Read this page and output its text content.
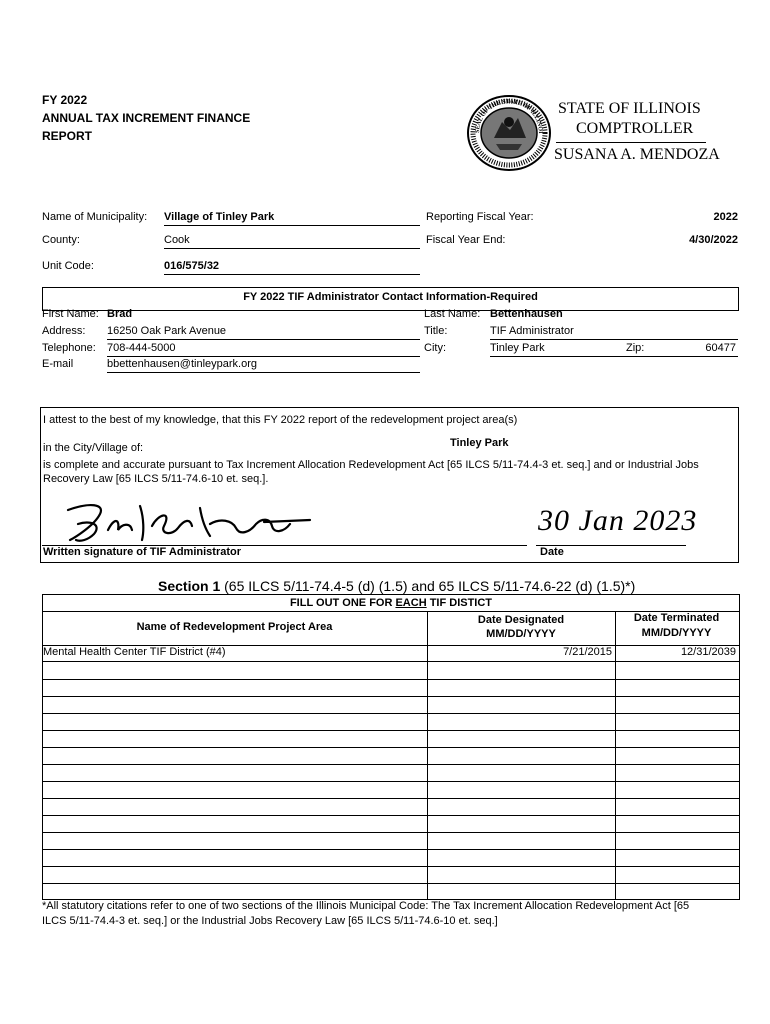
FY 2022
ANNUAL TAX INCREMENT FINANCE
REPORT	SEAL OF THE STATE OF ILLINOI
STATE OF ILLINOIS
COMPTROLLER
SUSANA A. MENDOZA
Name of Municipality: Village of Tinley Park	Reporting Fiscal Year:	2022
County:	Cook	Fiscal Year End:	4/30/2022
Unit Code:	016/575/32
FY 2022 TIF Administrator Contact Information-Required
First Name: Brad	Last Name: Bettenhausen
Address: 16250 Oak Park Avenue	Title:	TIF Administrator
Telephone: 708-444-5000	City:	Tinley Park	Zip:	60477
E-mail	bbettenhausen@tinleypark.org
I attest to the best of my knowledge, that this FY 2022 report of the redevelopment project area(s)
in the City/Village of:	Tinley Park
is complete and accurate pursuant to Tax Increment Allocation Redevelopment Act [65 ILCS 5/11-74.4-3 et. seq.] and or Industrial Jobs
Recovery Law [65 ILCS 5/11-74.6-10 et. seq.].
Written signature of TIF Administrator
30 Jan 2023
Date
Section 1 (65 ILCS 5/11-74.4-5 (d) (1.5) and 65 ILCS 5/11-74.6-22 (d) (1.5)*)
FILL OUT ONE FOR EACH TIF DISTICT
Name of Redevelopment Project Area
Date Designated
MM/DD/YYYY
Date Terminated
MM/DD/YYYY
Mental Health Center TIF District (#4)	7/21/2015	12/31/2039
*All statutory citations refer to one of two sections of the Illinois Municipal Code: The Tax Increment Allocation Redevelopment Act [65
ILCS 5/11-74.4-3 et. seq.] or the Industrial Jobs Recovery Law [65 ILCS 5/11-74.6-10 et. seq.]
